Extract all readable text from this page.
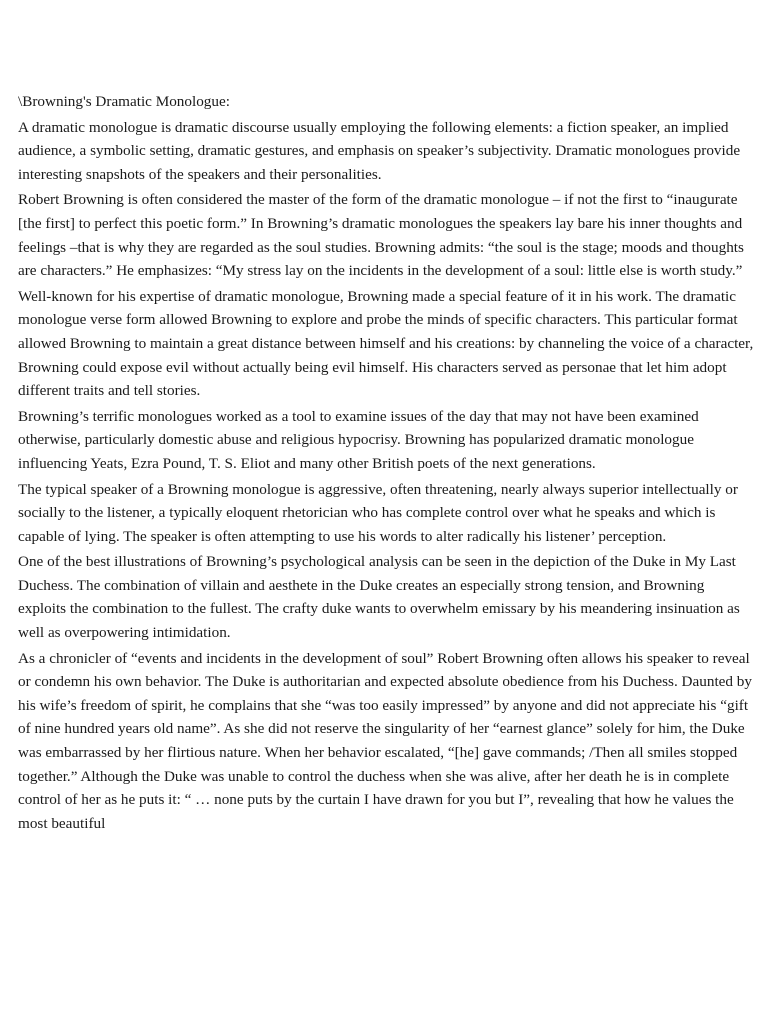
\Browning's Dramatic Monologue:

A dramatic monologue is dramatic discourse usually employing the following elements: a fiction speaker, an implied audience, a symbolic setting, dramatic gestures, and emphasis on speaker’s subjectivity. Dramatic monologues provide interesting snapshots of the speakers and their personalities.

Robert Browning is often considered the master of the form of the dramatic monologue – if not the first to “inaugurate [the first] to perfect this poetic form.” In Browning’s dramatic monologues the speakers lay bare his inner thoughts and feelings –that is why they are regarded as the soul studies. Browning admits: “the soul is the stage; moods and thoughts are characters.” He emphasizes: “My stress lay on the incidents in the development of a soul: little else is worth study.”

Well-known for his expertise of dramatic monologue, Browning made a special feature of it in his work. The dramatic monologue verse form allowed Browning to explore and probe the minds of specific characters. This particular format allowed Browning to maintain a great distance between himself and his creations: by channeling the voice of a character, Browning could expose evil without actually being evil himself. His characters served as personae that let him adopt different traits and tell stories.

Browning’s terrific monologues worked as a tool to examine issues of the day that may not have been examined otherwise, particularly domestic abuse and religious hypocrisy. Browning has popularized dramatic monologue influencing Yeats, Ezra Pound, T. S. Eliot and many other British poets of the next generations.

The typical speaker of a Browning monologue is aggressive, often threatening, nearly always superior intellectually or socially to the listener, a typically eloquent rhetorician who has complete control over what he speaks and which is capable of lying. The speaker is often attempting to use his words to alter radically his listener’ perception.

One of the best illustrations of Browning’s psychological analysis can be seen in the depiction of the Duke in My Last Duchess. The combination of villain and aesthete in the Duke creates an especially strong tension, and Browning exploits the combination to the fullest. The crafty duke wants to overwhelm emissary by his meandering insinuation as well as overpowering intimidation.

As a chronicler of “events and incidents in the development of soul” Robert Browning often allows his speaker to reveal or condemn his own behavior. The Duke is authoritarian and expected absolute obedience from his Duchess. Daunted by his wife’s freedom of spirit, he complains that she “was too easily impressed” by anyone and did not appreciate his “gift of nine hundred years old name”. As she did not reserve the singularity of her “earnest glance” solely for him, the Duke was embarrassed by her flirtious nature. When her behavior escalated, “[he] gave commands; /Then all smiles stopped together.” Although the Duke was unable to control the duchess when she was alive, after her death he is in complete control of her as he puts it: “ … none puts by the curtain I have drawn for you but I”, revealing that how he values the most beautiful
